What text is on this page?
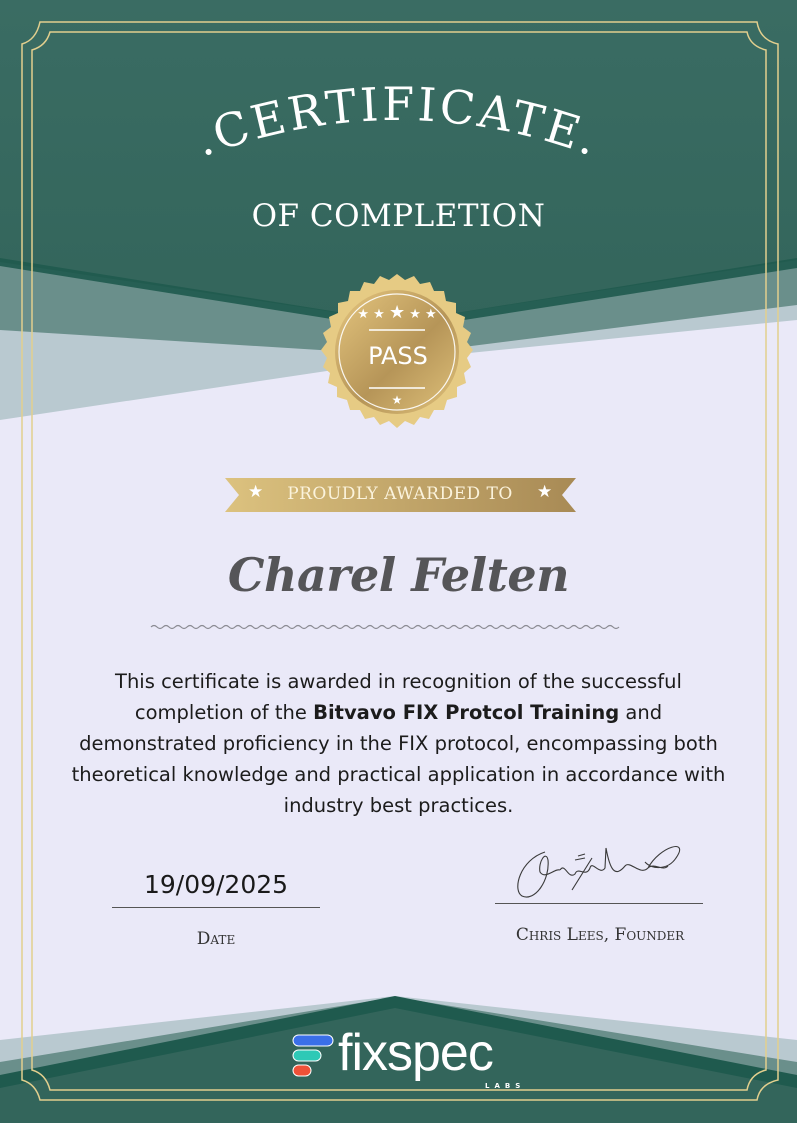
.CERTIFICATE.
★ ★ ★ ★ ★
★
OF COMPLETION
PASS
★	PROUDLY AWARDED TO	★
Charel Felten
This certificate is awarded in recognition of the successful completion of the Bitvavo FIX Protcol Training and demonstrated proficiency in the FIX protocol, encompassing both theoretical knowledge and practical application in accordance with industry best practices.
19/09/2025
Date	Chris Lees, Founder
fixspec
LABS
